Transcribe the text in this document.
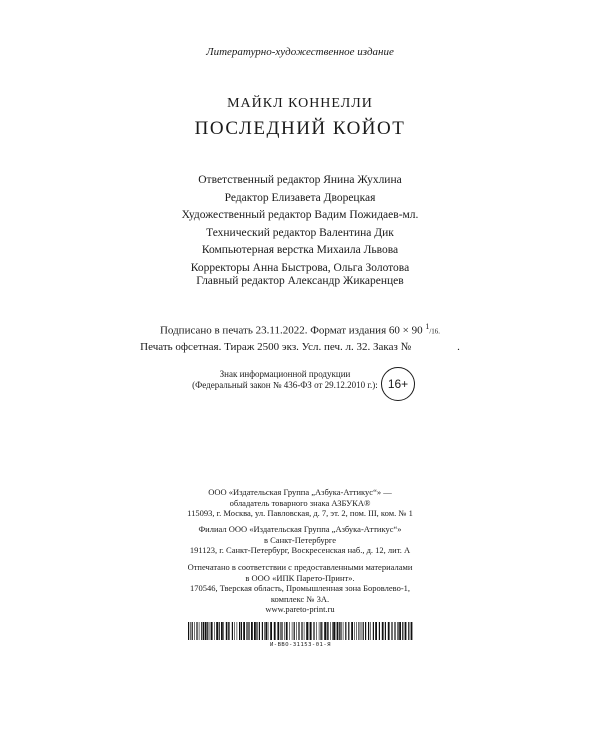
Литературно-художественное издание
МАЙКЛ КОННЕЛЛИ
ПОСЛЕДНИЙ КОЙОТ
Ответственный редактор Янина Жухлина
Редактор Елизавета Дворецкая
Художественный редактор Вадим Пожидаев-мл.
Технический редактор Валентина Дик
Компьютерная верстка Михаила Львова
Корректоры Анна Быстрова, Ольга Золотова
Главный редактор Александр Жикаренцев
Подписано в печать 23.11.2022. Формат издания 60 × 90 $^1$/16.
Печать офсетная. Тираж 2500 экз. Усл. печ. л. 32. Заказ №	.
Знак информационной продукции
(Федеральный закон № 436-ФЗ от 29.12.2010 г.): 16+
ООО «Издательская Группа „Азбука-Аттикус“» —
обладатель товарного знака АЗБУКА®
115093, г. Москва, ул. Павловская, д. 7, эт. 2, пом. III, ком. № 1
Филиал ООО «Издательская Группа „Азбука-Аттикус“»
в Санкт-Петербурге
191123, г. Санкт-Петербург, Воскресенская наб., д. 12, лит. А
Отпечатано в соответствии с предоставленными материалами
в ООО «ИПК Парето-Принт».
170546, Тверская область, Промышленная зона Боровлево-1,
комплекс № 3А.
www.pareto-print.ru
И-ВВО-31153-01-Я
